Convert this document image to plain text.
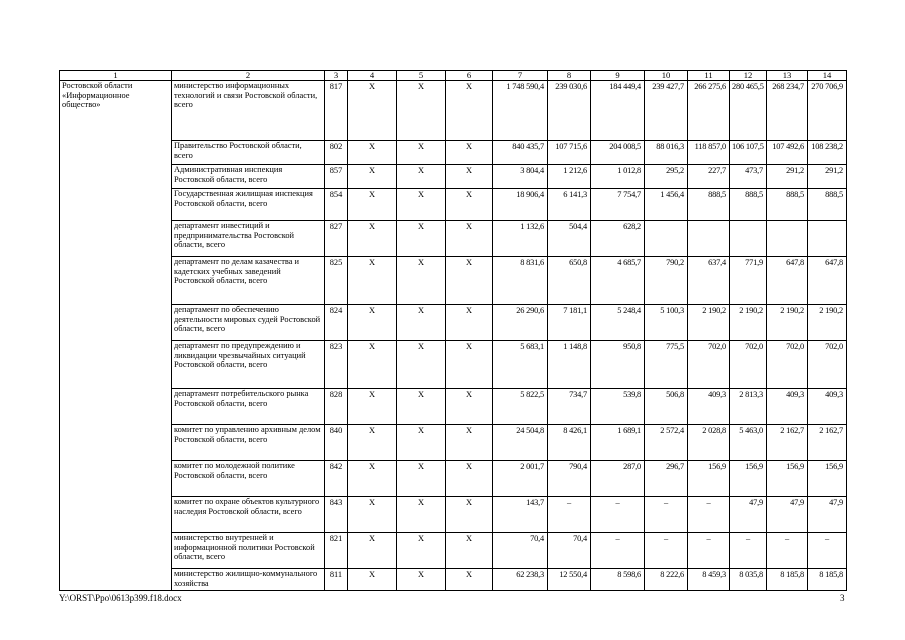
1	2	3	4	5	6	7	8	9	10	11	12	13	14
Ростовской области «Информационное общество»	министерство информационных технологий и связи Ростовской области, всего	817	X	X	X	1 748 590,4	239 030,6	184 449,4	239 427,7	266 275,6	280 465,5	268 234,7	270 706,9
	Правительство Ростовской области, всего	802	X	X	X	840 435,7	107 715,6	204 008,5	88 016,3	118 857,0	106 107,5	107 492,6	108 238,2
	Административная инспекция Ростовской области, всего	857	X	X	X	3 804,4	1 212,6	1 012,8	295,2	227,7	473,7	291,2	291,2
	Государственная жилищная инспекция Ростовской области, всего	854	X	X	X	18 906,4	6 141,3	7 754,7	1 456,4	888,5	888,5	888,5	888,5
	департамент инвестиций и предпринимательства Ростовской области, всего	827	X	X	X	1 132,6	504,4	628,2					
	департамент по делам казачества и кадетских учебных заведений Ростовской области, всего	825	X	X	X	8 831,6	650,8	4 685,7	790,2	637,4	771,9	647,8	647,8
	департамент по обеспечению деятельности мировых судей Ростовской области, всего	824	X	X	X	26 290,6	7 181,1	5 248,4	5 100,3	2 190,2	2 190,2	2 190,2	2 190,2
	департамент по предупреждению и ликвидации чрезвычайных ситуаций Ростовской области, всего	823	X	X	X	5 683,1	1 148,8	950,8	775,5	702,0	702,0	702,0	702,0
	департамент потребительского рынка Ростовской области, всего	828	X	X	X	5 822,5	734,7	539,8	506,8	409,3	2 813,3	409,3	409,3
	комитет по управлению архивным делом Ростовской области, всего	840	X	X	X	24 504,8	8 426,1	1 689,1	2 572,4	2 028,8	5 463,0	2 162,7	2 162,7
	комитет по молодежной политике Ростовской области, всего	842	X	X	X	2 001,7	790,4	287,0	296,7	156,9	156,9	156,9	156,9
	комитет по охране объектов культурного наследия Ростовской области, всего	843	X	X	X	143,7	–	–	–	–	47,9	47,9	47,9
	министерство внутренней и информационной политики Ростовской области, всего	821	X	X	X	70,4	70,4	–	–	–	–	–	–
	министерство жилищно-коммунального хозяйства	811	X	X	X	62 238,3	12 550,4	8 598,6	8 222,6	8 459,3	8 035,8	8 185,8	8 185,8
Y:\ORST\Ppo\0613p399.f18.docx	3
